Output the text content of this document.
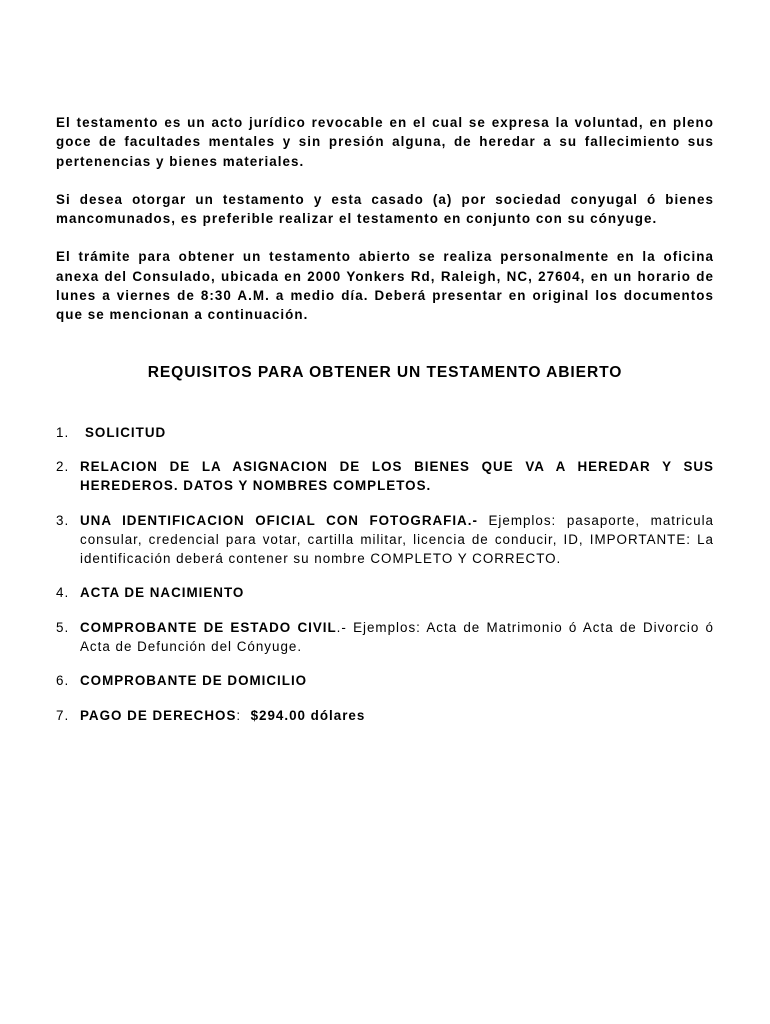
El testamento es un acto jurídico revocable en el cual se expresa la voluntad, en pleno goce de facultades mentales y sin presión alguna, de heredar a su fallecimiento sus pertenencias y bienes materiales.

Si desea otorgar un testamento y esta casado (a) por sociedad conyugal ó bienes mancomunados, es preferible realizar el testamento en conjunto con su cónyuge.

El trámite para obtener un testamento abierto se realiza personalmente en la oficina anexa del Consulado, ubicada en 2000 Yonkers Rd, Raleigh, NC, 27604, en un horario de lunes a viernes de 8:30 A.M. a medio día. Deberá presentar en original los documentos que se mencionan a continuación.

REQUISITOS PARA OBTENER UN TESTAMENTO ABIERTO
1. SOLICITUD
2. RELACION DE LA ASIGNACION DE LOS BIENES QUE VA A HEREDAR Y SUS HEREDEROS. DATOS Y NOMBRES COMPLETOS.
3. UNA IDENTIFICACION OFICIAL CON FOTOGRAFIA.- Ejemplos: pasaporte, matricula consular, credencial para votar, cartilla militar, licencia de conducir, ID, IMPORTANTE: La identificación deberá contener su nombre COMPLETO Y CORRECTO.
4. ACTA DE NACIMIENTO
5. COMPROBANTE DE ESTADO CIVIL.- Ejemplos: Acta de Matrimonio ó Acta de Divorcio ó Acta de Defunción del Cónyuge.
6. COMPROBANTE DE DOMICILIO
7. PAGO DE DERECHOS: $294.00 dólares
